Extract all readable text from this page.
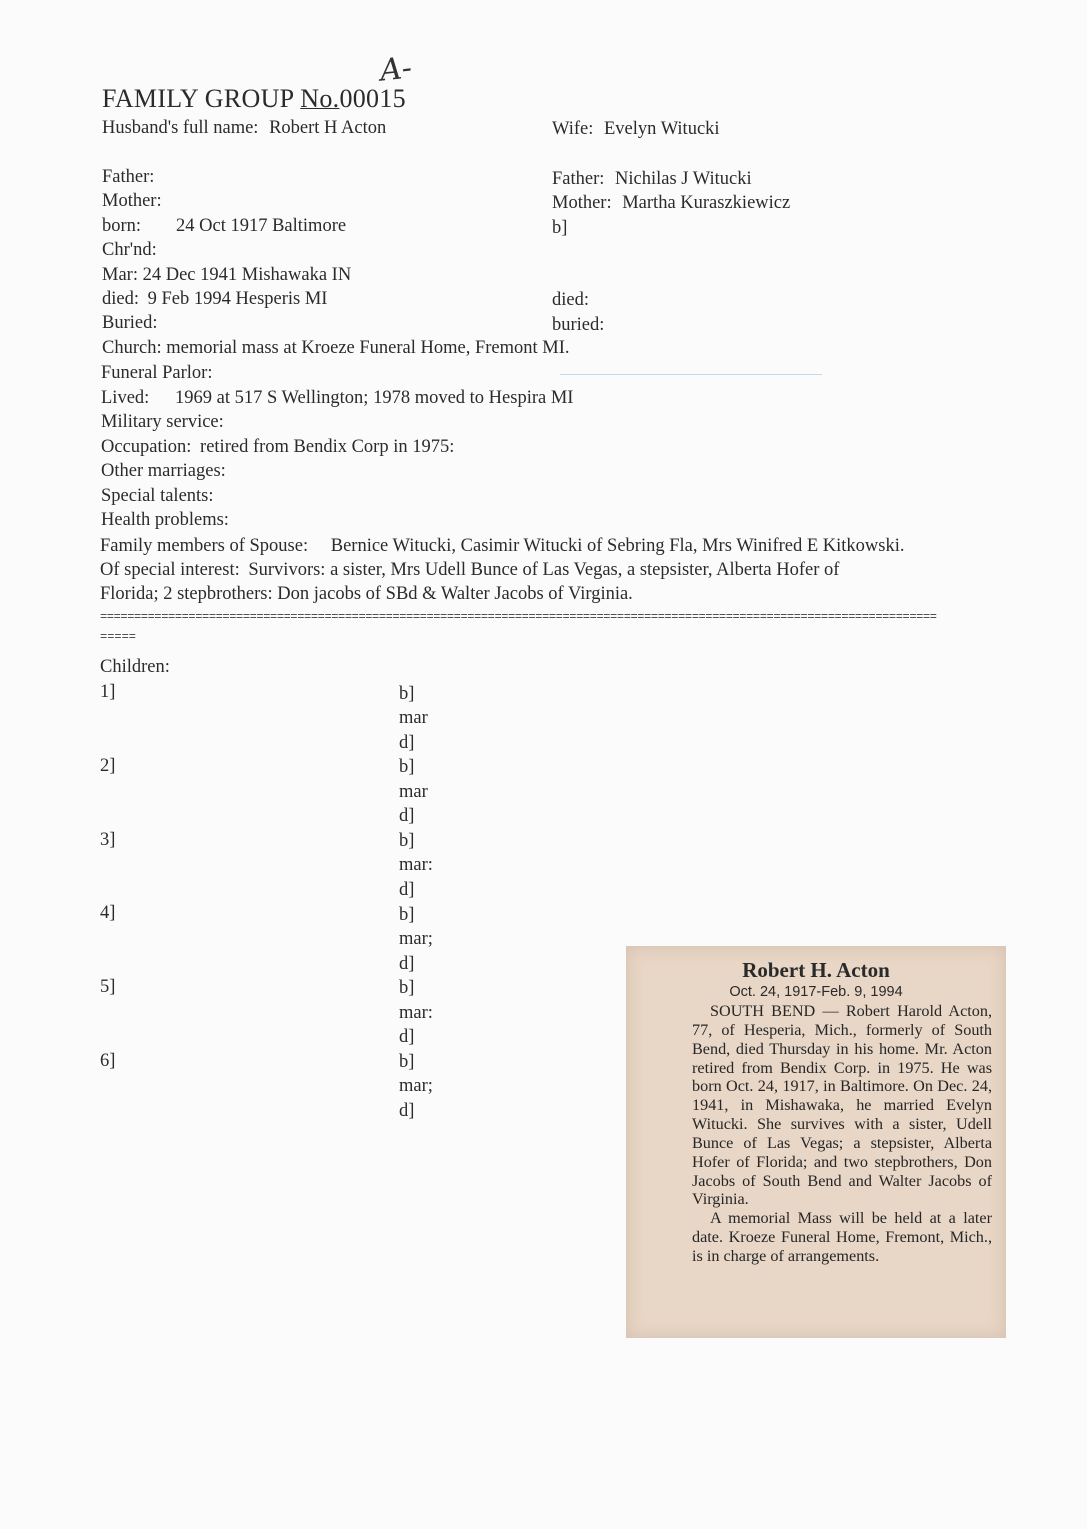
A-
FAMILY GROUP No.00015
Husband's full name: Robert H Acton
Father:
Mother:
born: 24 Oct 1917 Baltimore
Chr'nd:
Mar: 24 Dec 1941 Mishawaka IN
died: 9 Feb 1994 Hesperis MI
Buried:
Wife: Evelyn Witucki
Father: Nichilas J Witucki
Mother: Martha Kuraszkiewicz
b]
died:
buried:
Church: memorial mass at Kroeze Funeral Home, Fremont MI.
Funeral Parlor:
Lived: 1969 at 517 S Wellington; 1978 moved to Hespira MI
Military service:
Occupation: retired from Bendix Corp in 1975:
Other marriages:
Special talents:
Health problems:
Family members of Spouse: Bernice Witucki, Casimir Witucki of Sebring Fla, Mrs Winifred E Kitkowski.
Of special interest: Survivors: a sister, Mrs Udell Bunce of Las Vegas, a stepsister, Alberta Hofer of
Florida; 2 stepbrothers: Don jacobs of SBd & Walter Jacobs of Virginia.
===========================================================================================================================
=====
Children:
1]	b]
mar
d]
2]	b]
mar
d]
3]	b]
mar:
d]
4]	b]
mar;
d]
5]	b]
mar:
d]
6]	b]
mar;
d]
Robert H. Acton
Oct. 24, 1917-Feb. 9, 1994

SOUTH BEND — Robert Harold Acton, 77, of Hesperia, Mich., formerly of South Bend, died Thursday in his home. Mr. Acton retired from Bendix Corp. in 1975. He was born Oct. 24, 1917, in Baltimore. On Dec. 24, 1941, in Mishawaka, he married Evelyn Witucki. She survives with a sister, Udell Bunce of Las Vegas; a stepsister, Alberta Hofer of Florida; and two stepbrothers, Don Jacobs of South Bend and Walter Jacobs of Virginia.

A memorial Mass will be held at a later date. Kroeze Funeral Home, Fremont, Mich., is in charge of arrangements.
